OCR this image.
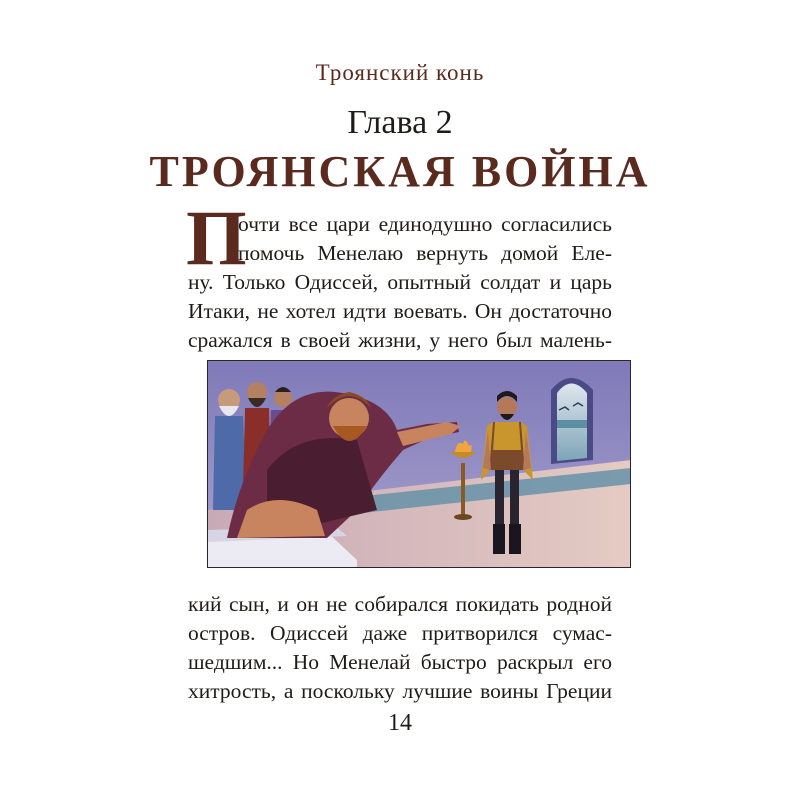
Троянский конь
Глава 2
ТРОЯНСКАЯ ВОЙНА
П
очти все цари единодушно согласились
помочь Менелаю вернуть домой Еле-
ну. Только Одиссей, опытный солдат и царь
Итаки, не хотел идти воевать. Он достаточно
сражался в своей жизни, у него был малень-
кий сын, и он не собирался покидать родной
остров. Одиссей даже притворился сумас-
шедшим... Но Менелай быстро раскрыл его
хитрость, а поскольку лучшие воины Греции
14
